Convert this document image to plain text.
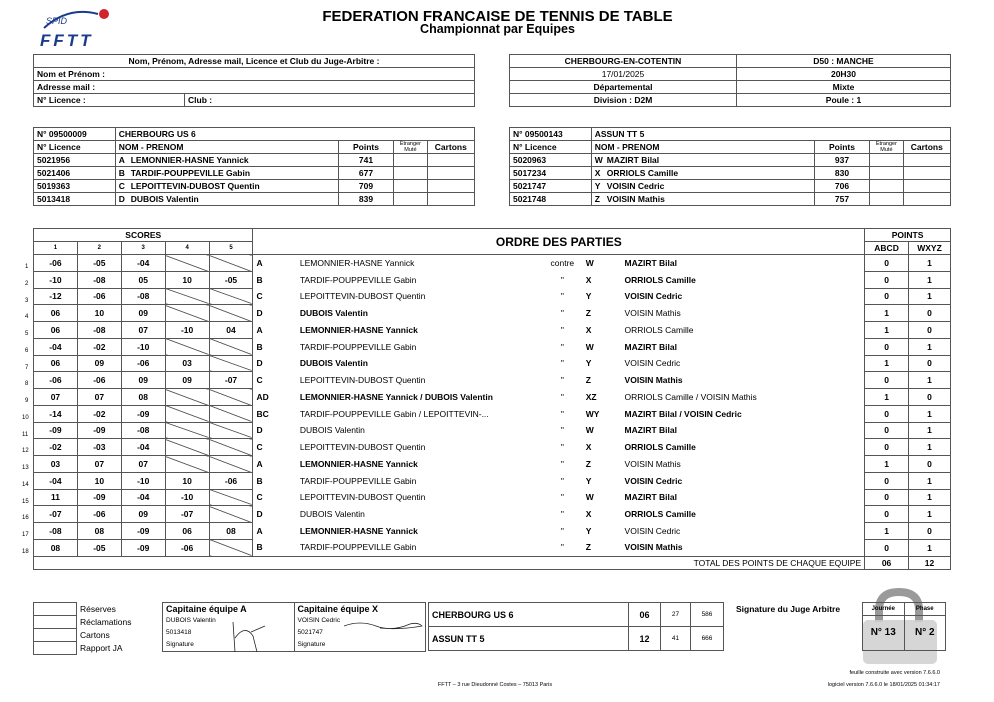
SPID
FFTT
FEDERATION FRANCAISE DE TENNIS DE TABLE
Championnat par Equipes
Nom, Prénom, Adresse mail, Licence et Club du Juge-Arbitre :
Nom et Prénom :
Adresse mail :
N° Licence :	Club :
CHERBOURG-EN-COTENTIN	D50 : MANCHE
17/01/2025	20H30
Départemental	Mixte
Division : D2M	Poule : 1
N° 09500009	CHERBOURG US 6			
N° Licence	NOM - PRENOM	Points	Etranger Muté	Cartons
5021956	A LEMONNIER-HASNE Yannick	741		
5021406	B TARDIF-POUPPEVILLE Gabin	677		
5019363	C LEPOITTEVIN-DUBOST Quentin	709		
5013418	D DUBOIS Valentin	839		
N° 09500143	ASSUN TT 5			
N° Licence	NOM - PRENOM	Points	Etranger Muté	Cartons
5020963	W MAZIRT Bilal	937		
5017234	X ORRIOLS Camille	830		
5021747	Y VOISIN Cedric	706		
5021748	Z VOISIN Mathis	757		
SCORES					ORDRE DES PARTIES					POINTS	
1	2	3	4	5						ABCD	WXYZ
-06	-05	-04			A	LEMONNIER-HASNE Yannick	contre	W	MAZIRT Bilal	0	1
-10	-08	05	10	-05	B	TARDIF-POUPPEVILLE Gabin	"	X	ORRIOLS Camille	0	1
-12	-06	-08			C	LEPOITTEVIN-DUBOST Quentin	"	Y	VOISIN Cedric	0	1
06	10	09			D	DUBOIS Valentin	"	Z	VOISIN Mathis	1	0
06	-08	07	-10	04	A	LEMONNIER-HASNE Yannick	"	X	ORRIOLS Camille	1	0
-04	-02	-10			B	TARDIF-POUPPEVILLE Gabin	"	W	MAZIRT Bilal	0	1
06	09	-06	03		D	DUBOIS Valentin	"	Y	VOISIN Cedric	1	0
-06	-06	09	09	-07	C	LEPOITTEVIN-DUBOST Quentin	"	Z	VOISIN Mathis	0	1
07	07	08			AD	LEMONNIER-HASNE Yannick / DUBOIS Valentin	"	XZ	ORRIOLS Camille / VOISIN Mathis	1	0
-14	-02	-09			BC	TARDIF-POUPPEVILLE Gabin / LEPOITTEVIN-...	"	WY	MAZIRT Bilal / VOISIN Cedric	0	1
-09	-09	-08			D	DUBOIS Valentin	"	W	MAZIRT Bilal	0	1
-02	-03	-04			C	LEPOITTEVIN-DUBOST Quentin	"	X	ORRIOLS Camille	0	1
03	07	07			A	LEMONNIER-HASNE Yannick	"	Z	VOISIN Mathis	1	0
-04	10	-10	10	-06	B	TARDIF-POUPPEVILLE Gabin	"	Y	VOISIN Cedric	0	1
11	-09	-04	-10		C	LEPOITTEVIN-DUBOST Quentin	"	W	MAZIRT Bilal	0	1
-07	-06	09	-07		D	DUBOIS Valentin	"	X	ORRIOLS Camille	0	1
-08	08	-09	06	08	A	LEMONNIER-HASNE Yannick	"	Y	VOISIN Cedric	1	0
08	-05	-09	-06		B	TARDIF-POUPPEVILLE Gabin	"	Z	VOISIN Mathis	0	1
TOTAL DES POINTS DE CHAQUE EQUIPE										06	12
	Réserves
	Réclamations
	Cartons
	Rapport JA
Capitaine équipe A	Capitaine équipe X
DUBOIS Valentin	VOISIN Cedric
5013418	5021747
Signature	Signature
CHERBOURG US 6	06	27	586
ASSUN TT 5	12	41	666
Signature du Juge Arbitre	Journée	Phase
N° 13	N° 2
FFTT – 3 rue Dieudonné Costes – 75013 Paris
feuille construite avec version 7.6.6.0
logiciel version 7.6.6.0 le 18/01/2025 01:34:17
1
2
3
4
5
6
7
8
9
10
11
12
13
14
15
16
17
18
